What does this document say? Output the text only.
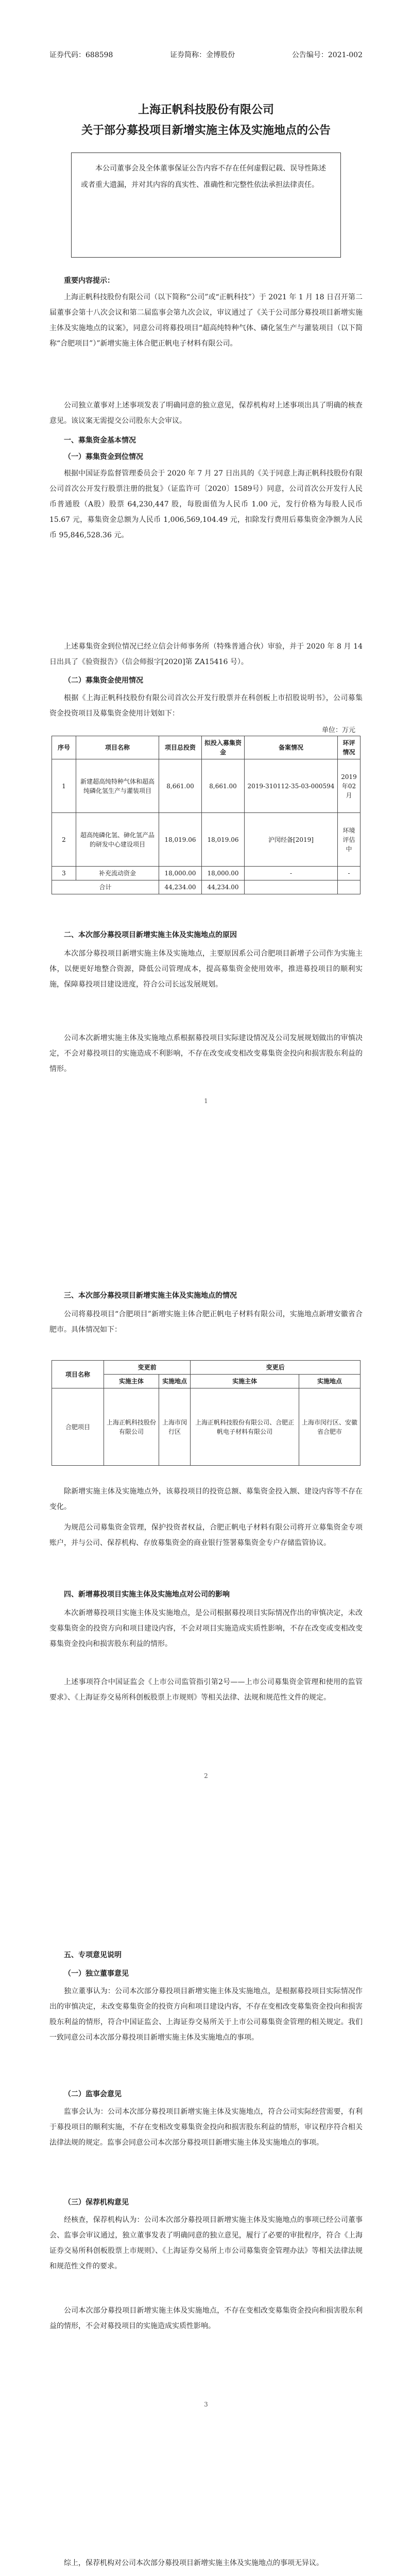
证券代码：688598	证券简称：金博股份	公告编号：2021-002
上海正帆科技股份有限公司
关于部分募投项目新增实施主体及实施地点的公告
本公司董事会及全体董事保证公告内容不存在任何虚假记载、误导性陈述或者重大遗漏，并对其内容的真实性、准确性和完整性依法承担法律责任。
重要内容提示：
上海正帆科技股份有限公司（以下简称“公司”或“正帆科技”）于 2021 年 1 月 18 日召开第二届董事会第十八次会议和第二届监事会第九次会议，审议通过了《关于公司部分募投项目新增实施主体及实施地点的议案》，同意公司将募投项目“超高纯特种气体、磷化氢生产与灌装项目（以下简称“合肥项目”）”新增实施主体合肥正帆电子材料有限公司。
公司独立董事对上述事项发表了明确同意的独立意见，保荐机构对上述事项出具了明确的核查意见。该议案无需提交公司股东大会审议。
一、募集资金基本情况
（一）募集资金到位情况
根据中国证券监督管理委员会于 2020 年 7 月 27 日出具的《关于同意上海正帆科技股份有限公司首次公开发行股票注册的批复》（证监许可〔2020〕1589号）同意，公司首次公开发行人民币普通股（A股）股票 64,230,447 股，每股面值为人民币 1.00 元，发行价格为每股人民币 15.67 元，募集资金总额为人民币 1,006,569,104.49 元，扣除发行费用后募集资金净额为人民币 95,846,528.36 元。
上述募集资金到位情况已经立信会计师事务所（特殊普通合伙）审验，并于 2020 年 8 月 14 日出具了《验资报告》（信会师报字[2020]第 ZA15416 号）。
（二）募集资金使用情况
根据《上海正帆科技股份有限公司首次公开发行股票并在科创板上市招股说明书》，公司募集资金投资项目及募集资金使用计划如下：
单位：万元
序号	项目名称	项目总投资	拟投入募集资金	备案情况	环评情况
1	新建超高纯特种气体和超高纯磷化氢生产与灌装项目	8,661.00	8,661.00	2019-310112-35-03-000594	2019年02月
2	超高纯磷化氢、砷化氢产品的研发中心建设项目	18,019.06	18,019.06	沪闵经备[2019]	环境评估中
3	补充流动资金	18,000.00	18,000.00	-	-
合计		44,234.00	44,234.00		
二、本次部分募投项目新增实施主体及实施地点的原因
本次部分募投项目新增实施主体及实施地点，主要原因系公司合肥项目新增子公司作为实施主体，以便更好地整合资源，降低公司管理成本，提高募集资金使用效率，推进募投项目的顺利实施，保障募投项目建设进度，符合公司长远发展规划。
公司本次新增实施主体及实施地点系根据募投项目实际建设情况及公司发展规划做出的审慎决定，不会对募投项目的实施造成不利影响，不存在改变或变相改变募集资金投向和损害股东利益的情形。
1
三、本次部分募投项目新增实施主体及实施地点的情况
公司将募投项目“合肥项目”新增实施主体合肥正帆电子材料有限公司，实施地点新增安徽省合肥市。具体情况如下：
项目名称	变更前		变更后	
	实施主体	实施地点	实施主体	实施地点
合肥项目	上海正帆科技股份有限公司	上海市闵行区	上海正帆科技股份有限公司、合肥正帆电子材料有限公司	上海市闵行区、安徽省合肥市
除新增实施主体及实施地点外，该募投项目的投资总额、募集资金投入额、建设内容等不存在变化。
为规范公司募集资金管理，保护投资者权益，合肥正帆电子材料有限公司将开立募集资金专项账户，并与公司、保荐机构、存放募集资金的商业银行签署募集资金专户存储监管协议。
四、新增募投项目实施主体及实施地点对公司的影响
本次新增募投项目实施主体及实施地点，是公司根据募投项目实际情况作出的审慎决定，未改变募集资金的投资方向和项目建设内容，不会对项目实施造成实质性影响，不存在改变或变相改变募集资金投向和损害股东利益的情形。
上述事项符合中国证监会《上市公司监管指引第2号——上市公司募集资金管理和使用的监管要求》、《上海证券交易所科创板股票上市规则》等相关法律、法规和规范性文件的规定。
2
五、专项意见说明
（一）独立董事意见
独立董事认为：公司本次部分募投项目新增实施主体及实施地点，是根据募投项目实际情况作出的审慎决定，未改变募集资金的投资方向和项目建设内容，不存在变相改变募集资金投向和损害股东利益的情形，符合中国证监会、上海证券交易所关于上市公司募集资金管理的相关规定。我们一致同意公司本次部分募投项目新增实施主体及实施地点的事项。
（二）监事会意见
监事会认为：公司本次部分募投项目新增实施主体及实施地点，符合公司实际经营需要，有利于募投项目的顺利实施，不存在变相改变募集资金投向和损害股东利益的情形，审议程序符合相关法律法规的规定。监事会同意公司本次部分募投项目新增实施主体及实施地点的事项。
（三）保荐机构意见
经核查，保荐机构认为：公司本次部分募投项目新增实施主体及实施地点的事项已经公司董事会、监事会审议通过，独立董事发表了明确同意的独立意见，履行了必要的审批程序，符合《上海证券交易所科创板股票上市规则》、《上海证券交易所上市公司募集资金管理办法》等相关法律法规和规范性文件的要求。
公司本次部分募投项目新增实施主体及实施地点，不存在变相改变募集资金投向和损害股东利益的情形，不会对募投项目的实施造成实质性影响。
3
综上，保荐机构对公司本次部分募投项目新增实施主体及实施地点的事项无异议。
